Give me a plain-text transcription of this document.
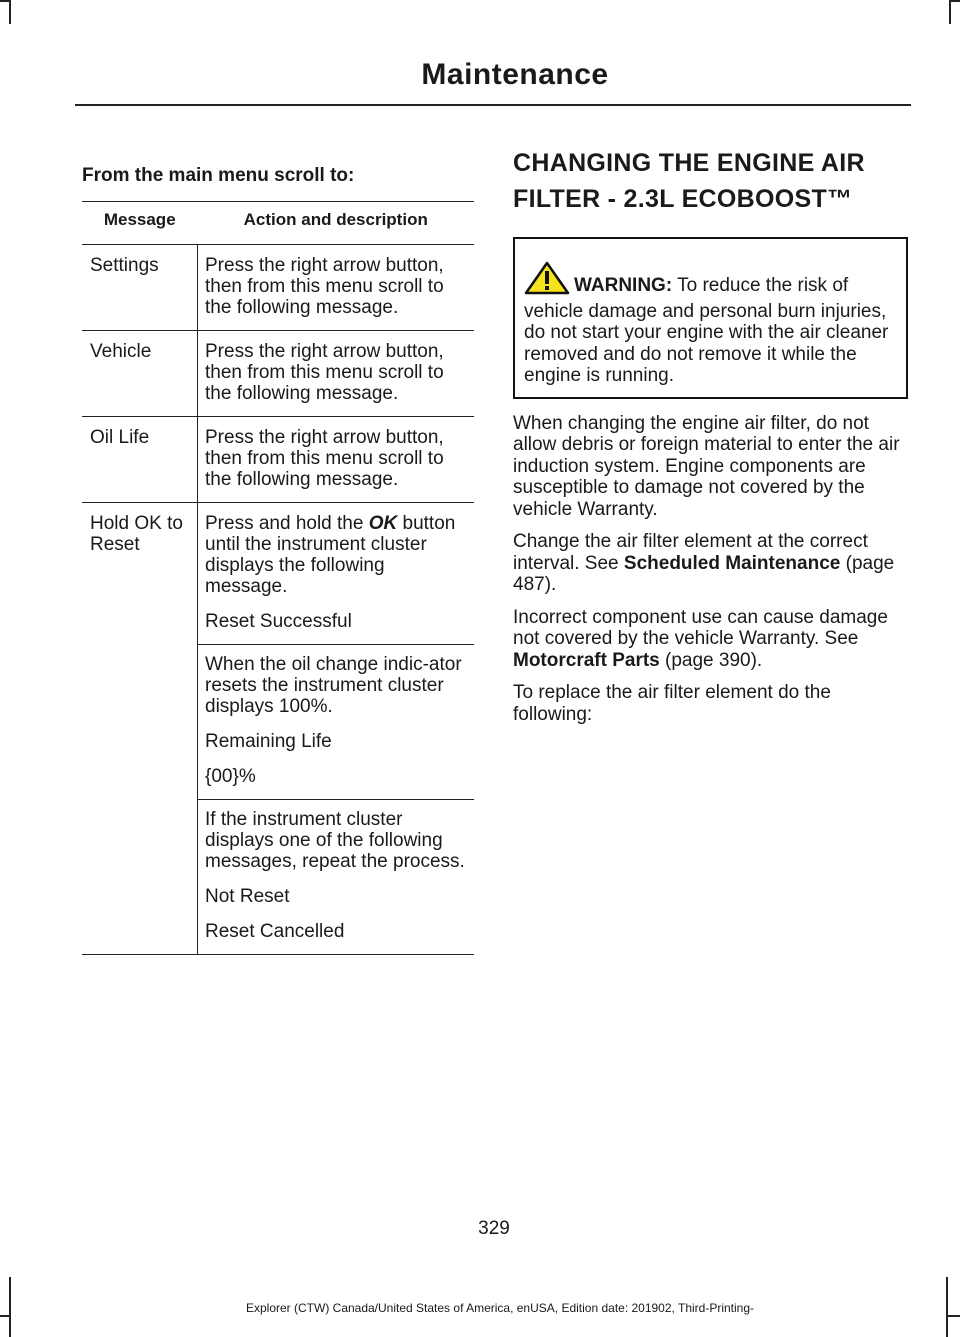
Maintenance

From the main menu scroll to:

Message	Action and description
Settings	Press the right arrow button, then from this menu scroll to the following message.
Vehicle	Press the right arrow button, then from this menu scroll to the following message.
Oil Life	Press the right arrow button, then from this menu scroll to the following message.
Hold OK to Reset	Press and hold the OK button until the instrument cluster displays the following message.

Reset Successful

	When the oil change indic-ator resets the instrument cluster displays 100%.

Remaining Life

{00}%

	If the instrument cluster displays one of the following messages, repeat the process.

Not Reset

Reset Cancelled

CHANGING THE ENGINE AIR FILTER - 2.3L ECOBOOST™
WARNING: To reduce the risk of vehicle damage and personal burn injuries, do not start your engine with the air cleaner removed and do not remove it while the engine is running.

When changing the engine air filter, do not allow debris or foreign material to enter the air induction system. Engine components are susceptible to damage not covered by the vehicle Warranty.

Change the air filter element at the correct interval. See Scheduled Maintenance (page 487).

Incorrect component use can cause damage not covered by the vehicle Warranty. See Motorcraft Parts (page 390).

To replace the air filter element do the following:

329
Explorer (CTW) Canada/United States of America, enUSA, Edition date: 201902, Third-Printing-
